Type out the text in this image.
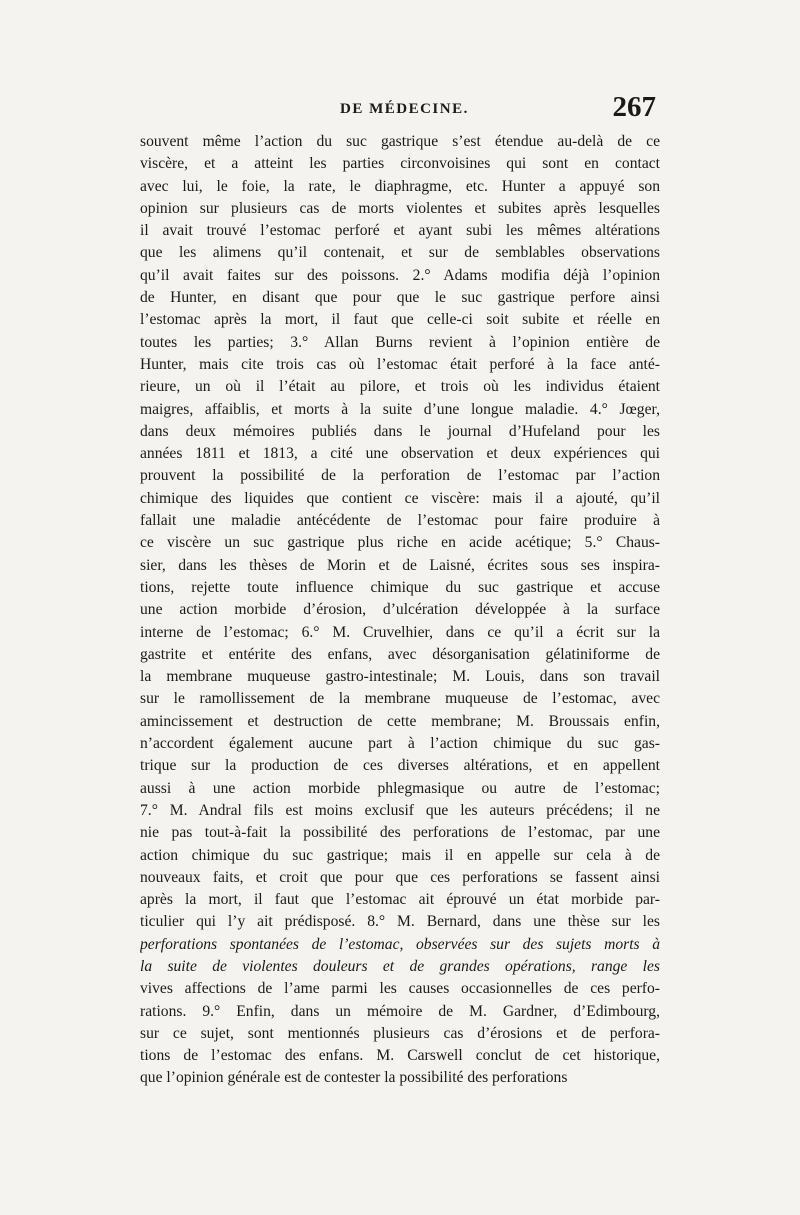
DE MÉDECINE.	267
souvent même l’action du suc gastrique s’est étendue au-delà de ce
viscère, et a atteint les parties circonvoisines qui sont en contact
avec lui, le foie, la rate, le diaphragme, etc. Hunter a appuyé son
opinion sur plusieurs cas de morts violentes et subites après lesquelles
il avait trouvé l’estomac perforé et ayant subi les mêmes altérations
que les alimens qu’il contenait, et sur de semblables observations
qu’il avait faites sur des poissons. 2.° Adams modifia déjà l’opinion
de Hunter, en disant que pour que le suc gastrique perfore ainsi
l’estomac après la mort, il faut que celle-ci soit subite et réelle en
toutes les parties; 3.° Allan Burns revient à l’opinion entière de
Hunter, mais cite trois cas où l’estomac était perforé à la face anté-
rieure, un où il l’était au pilore, et trois où les individus étaient
maigres, affaiblis, et morts à la suite d’une longue maladie. 4.° Jœger,
dans deux mémoires publiés dans le journal d’Hufeland pour les
années 1811 et 1813, a cité une observation et deux expériences qui
prouvent la possibilité de la perforation de l’estomac par l’action
chimique des liquides que contient ce viscère: mais il a ajouté, qu’il
fallait une maladie antécédente de l’estomac pour faire produire à
ce viscère un suc gastrique plus riche en acide acétique; 5.° Chaus-
sier, dans les thèses de Morin et de Laisné, écrites sous ses inspira-
tions, rejette toute influence chimique du suc gastrique et accuse
une action morbide d’érosion, d’ulcération développée à la surface
interne de l’estomac; 6.° M. Cruvelhier, dans ce qu’il a écrit sur la
gastrite et entérite des enfans, avec désorganisation gélatiniforme de
la membrane muqueuse gastro-intestinale; M. Louis, dans son travail
sur le ramollissement de la membrane muqueuse de l’estomac, avec
amincissement et destruction de cette membrane; M. Broussais enfin,
n’accordent également aucune part à l’action chimique du suc gas-
trique sur la production de ces diverses altérations, et en appellent
aussi à une action morbide phlegmasique ou autre de l’estomac;
7.° M. Andral fils est moins exclusif que les auteurs précédens; il ne
nie pas tout-à-fait la possibilité des perforations de l’estomac, par une
action chimique du suc gastrique; mais il en appelle sur cela à de
nouveaux faits, et croit que pour que ces perforations se fassent ainsi
après la mort, il faut que l’estomac ait éprouvé un état morbide par-
ticulier qui l’y ait prédisposé. 8.° M. Bernard, dans une thèse sur les
perforations spontanées de l’estomac, observées sur des sujets morts à
la suite de violentes douleurs et de grandes opérations, range les
vives affections de l’ame parmi les causes occasionnelles de ces perfo-
rations. 9.° Enfin, dans un mémoire de M. Gardner, d’Edimbourg,
sur ce sujet, sont mentionnés plusieurs cas d’érosions et de perfora-
tions de l’estomac des enfans. M. Carswell conclut de cet historique,
que l’opinion générale est de contester la possibilité des perforations
